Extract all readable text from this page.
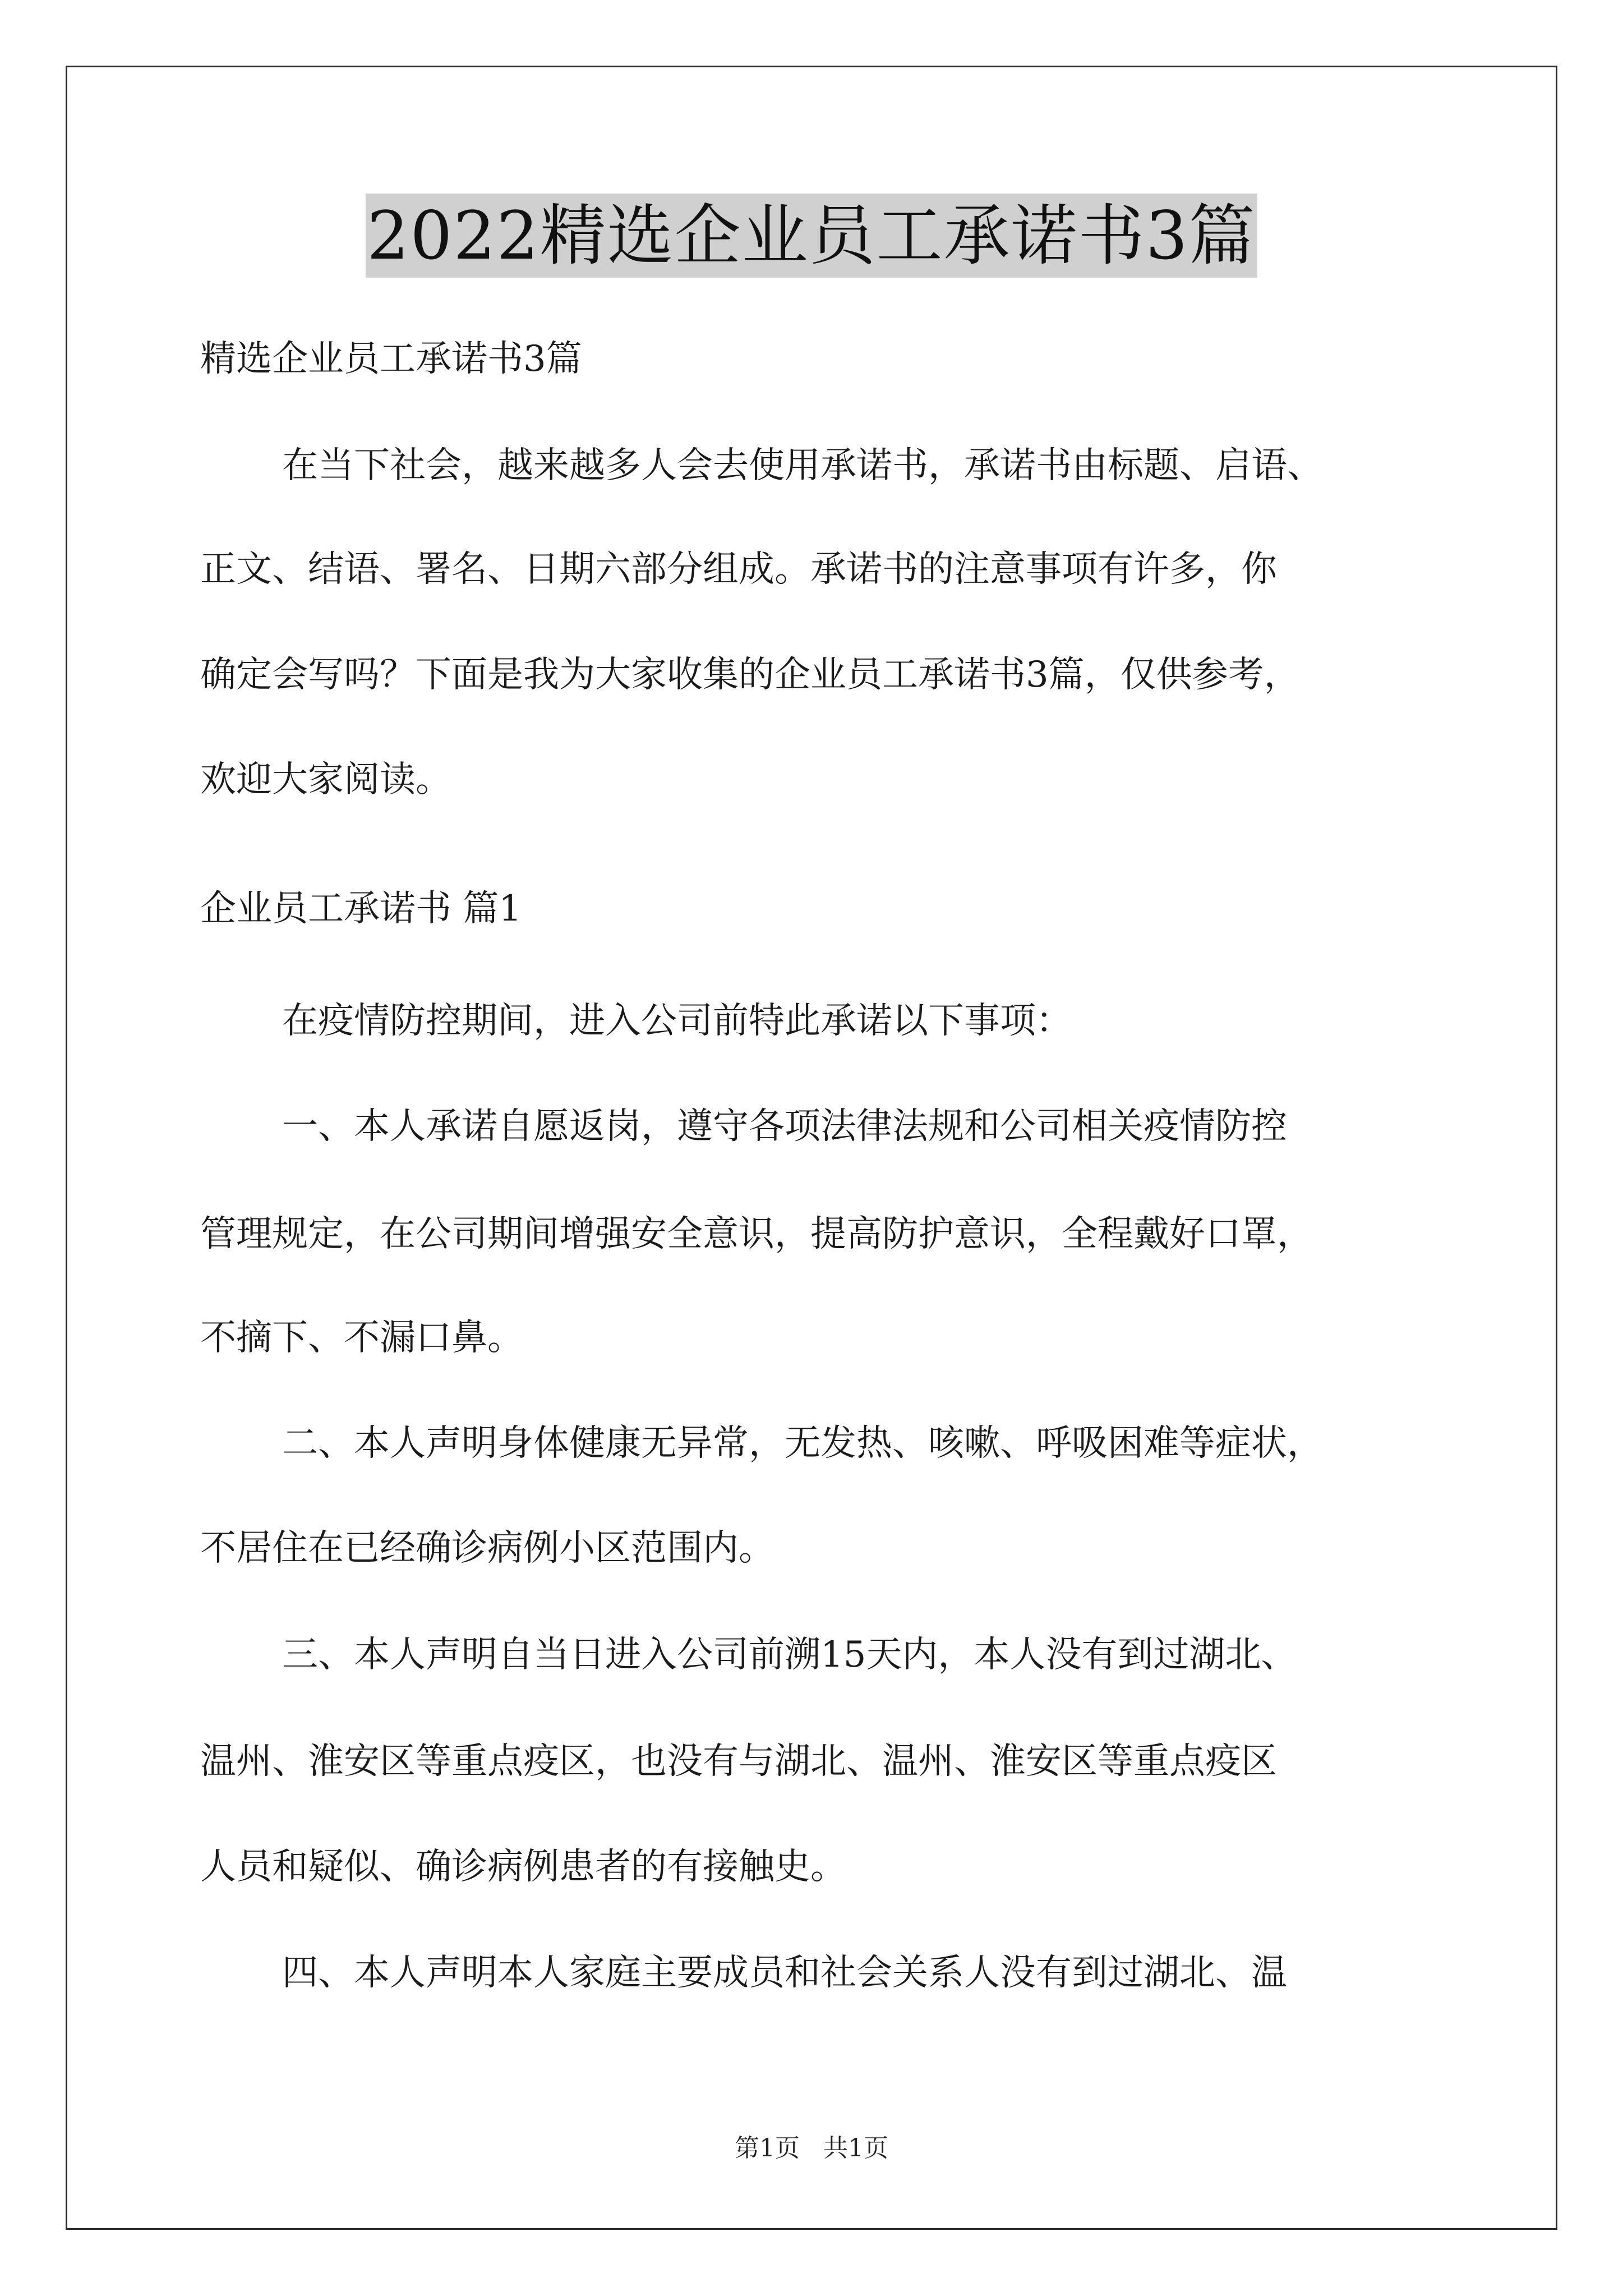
2022精选企业员工承诺书3篇
精选企业员工承诺书3篇
在当下社会，越来越多人会去使用承诺书，承诺书由标题、启语、
正文、结语、署名、日期六部分组成。承诺书的注意事项有许多，你
确定会写吗？下面是我为大家收集的企业员工承诺书3篇，仅供参考，
欢迎大家阅读。
企业员工承诺书 篇1
在疫情防控期间，进入公司前特此承诺以下事项：
一、本人承诺自愿返岗，遵守各项法律法规和公司相关疫情防控
管理规定，在公司期间增强安全意识，提高防护意识，全程戴好口罩，
不摘下、不漏口鼻。
二、本人声明身体健康无异常，无发热、咳嗽、呼吸困难等症状，
不居住在已经确诊病例小区范围内。
三、本人声明自当日进入公司前溯15天内，本人没有到过湖北、
温州、淮安区等重点疫区，也没有与湖北、温州、淮安区等重点疫区
人员和疑似、确诊病例患者的有接触史。
四、本人声明本人家庭主要成员和社会关系人没有到过湖北、温
第1页 共1页
